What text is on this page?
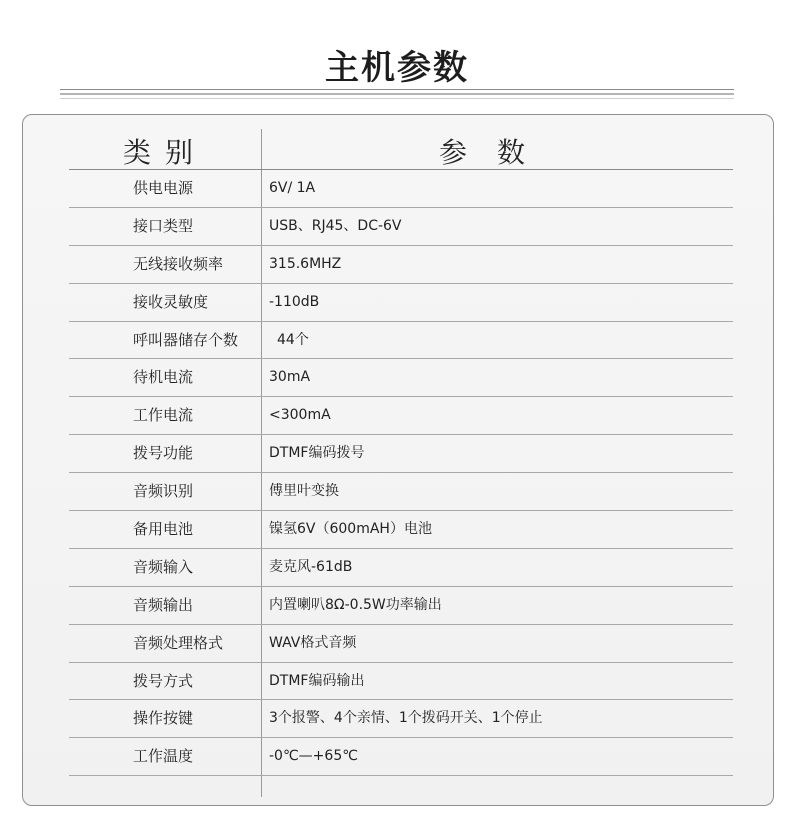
主机参数
类别	参数
供电电源	6V/ 1A
接口类型	USB、RJ45、DC-6V
无线接收频率	315.6MHZ
接收灵敏度	-110dB
呼叫器储存个数	44个
待机电流	30mA
工作电流	<300mA
拨号功能	DTMF编码拨号
音频识别	傅里叶变换
备用电池	镍氢6V（600mAH）电池
音频输入	麦克风-61dB
音频输出	内置喇叭8Ω-0.5W功率输出
音频处理格式	WAV格式音频
拨号方式	DTMF编码输出
操作按键	3个报警、4个亲情、1个拨码开关、1个停止
工作温度	-0℃—+65℃
